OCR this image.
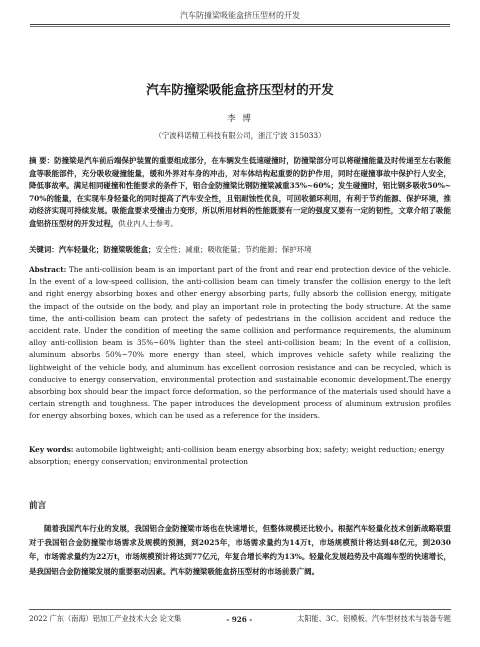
汽车防撞梁吸能盒挤压型材的开发
汽车防撞梁吸能盒挤压型材的开发
李 博
（宁波科诺精工科技有限公司，浙江宁波 315033）

摘 要：防撞梁是汽车前后端保护装置的重要组成部分，在车辆发生低速碰撞时，防撞梁部分可以将碰撞能量及时传递至左右吸能盒等吸能部件，充分吸收碰撞能量，缓和外界对车身的冲击，对车体结构起重要的防护作用，同时在碰撞事故中保护行人安全，降低事故率。满足相同碰撞和性能要求的条件下，铝合金防撞梁比钢防撞梁减重35%~60%；发生碰撞时，铝比钢多吸收50%~70%的能量，在实现车身轻量化的同时提高了汽车安全性，且铝耐蚀性优良，可回收循环利用，有利于节约能源、保护环境，推动经济实现可持续发展。吸能盒要求受撞击力变形，所以所用材料的性能既要有一定的强度又要有一定的韧性，文章介绍了吸能盒铝挤压型材的开发过程，供业内人士参考。

关键词：汽车轻量化；防撞梁吸能盒；安全性；减重；吸收能量；节约能源；保护环境

Abstract: The anti-collision beam is an important part of the front and rear end protection device of the vehicle. In the event of a low-speed collision, the anti-collision beam can timely transfer the collision energy to the left and right energy absorbing boxes and other energy absorbing parts, fully absorb the collision energy, mitigate the impact of the outside on the body, and play an important role in protecting the body structure. At the same time, the anti-collision beam can protect the safety of pedestrians in the collision accident and reduce the accident rate. Under the condition of meeting the same collision and performance requirements, the aluminum alloy anti-collision beam is 35%~60% lighter than the steel anti-collision beam; In the event of a collision, aluminum absorbs 50%~70% more energy than steel, which improves vehicle safety while realizing the lightweight of the vehicle body, and aluminum has excellent corrosion resistance and can be recycled, which is conducive to energy conservation, environmental protection and sustainable economic development.The energy absorbing box should bear the impact force deformation, so the performance of the materials used should have a certain strength and toughness. The paper introduces the development process of aluminum extrusion profiles for energy absorbing boxes, which can be used as a reference for the insiders.

Key words: automobile lightweight; anti-collision beam energy absorbing box; safety; weight reduction; energy absorption; energy conservation; environmental protection

前言

随着我国汽车行业的发展，我国铝合金防撞梁市场也在快速增长，但整体规模还比较小。根据汽车轻量化技术创新战略联盟对于我国铝合金防撞梁市场需求及规模的预测，到2025年，市场需求量约为14万t，市场规模预计将达到48亿元，到2030年，市场需求量约为22万t，市场规模预计将达到77亿元，年复合增长率约为13%。轻量化发展趋势及中高端车型的快速增长，是我国铝合金防撞梁发展的重要驱动因素。汽车防撞梁吸能盒挤压型材的市场前景广阔。

2022 广东（南海）铝加工产业技术大会 论文集	- 926 -	太阳能、3C、铝模板、汽车型材技术与装备专题
